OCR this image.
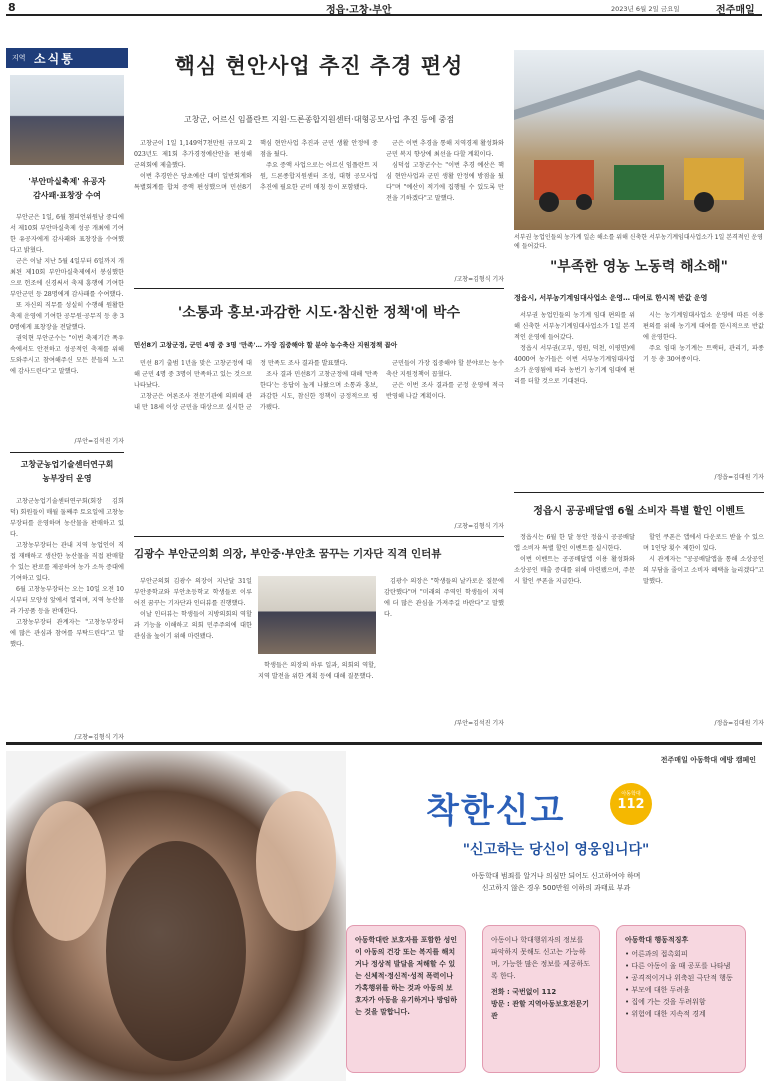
8	정읍·고창·부안	2023년 6월 2일 금요일	전주매일
지역 소식통
'부안마실축제' 유공자
감사패·표창장 수여

부안군은 1일, 6월 챔피언위원남 중디에서 제10회 부안마실축제 성공 개최에 기여한 유공자에게 감사패와 표창장을 수여했다고 밝혔다.

군은 이날 지난 5월 4일부터 6일까지 개최된 제10회 부안마실축제에서 봉심했한으로 헌조에 신경써서 축제 흥행에 기여한 부안군민 등 28명에게 감사패를 수여했다.

또 자신의 직무를 성실히 수행해 원활한 축제 운영에 기여한 공무원·공무직 등 총 30명에게 표창장을 전달했다.

권익현 부안군수는 "이번 축제기간 폭우 속에서도 안전하고 성공적인 축제를 위해 도와주시고 참여해주신 모든 분들의 노고에 감사드린다"고 말했다.

/부안=김석진 기자
고창군농업기술센터연구회
농부장터 운영

고창군농업기술센터연구회(회장 김희덕) 회원들이 매월 둘째주 토요일에 고창농부장터를 운영하며 농산물을 판매하고 있다.

고창농부장터는 관내 지역 농업인이 직접 재배하고 생산한 농산물을 직접 판매할 수 있는 판로를 제공하여 농가 소득 증대에 기여하고 있다.

6월 고창농부장터는 오는 10일 오전 10시부터 모양성 앞에서 열리며, 지역 농산물과 가공품 등을 판매한다.

고창농부장터 관계자는 "고창농부장터에 많은 관심과 참여를 부탁드린다"고 말했다.

/고창=김형식 기자
핵심 현안사업 추진 추경 편성
고창군, 어르신 임플란트 지원·드론종합지원센터·대형공모사업 추진 등에 중점

고창군이 1일 1,149억7천만원 규모의 2023년도 제1회 추가경정예산안을 편성해 군의회에 제출했다.

이번 추경안은 당초예산 대비 일반회계와 특별회계를 합쳐 증액 편성했으며 민선8기 핵심 현안사업 추진과 군민 생활 안정에 중점을 뒀다.

주요 증액 사업으로는 어르신 임플란트 지원, 드론종합지원센터 조성, 대형 공모사업 추진에 필요한 군비 매칭 등이 포함됐다.

군은 이번 추경을 통해 지역경제 활성화와 군민 복지 향상에 최선을 다할 계획이다.

심덕섭 고창군수는 "이번 추경 예산은 핵심 현안사업과 군민 생활 안정에 방점을 뒀다"며 "예산이 적기에 집행될 수 있도록 만전을 기하겠다"고 말했다.

/고창=김형식 기자
서부권 농업인들의 농가계 일손 해소를 위해 신축한 서부농기계임대사업소가 1일 본격적인 운영에 들어갔다.
"부족한 영농 노동력 해소해"
정읍시, 서부농기계임대사업소 운영… 대여로 한시적 반값 운영

서부권 농업인들의 농기계 임대 편의를 위해 신축한 서부농기계임대사업소가 1일 본격적인 운영에 들어갔다.

정읍시 서부권(고부, 영원, 덕천, 이평면)에 4000여 농가들은 이번 서부농기계임대사업소가 운영됨에 따라 농번기 농기계 임대에 편리를 더할 것으로 기대된다.

시는 농기계임대사업소 운영에 따른 이용 편의를 위해 농기계 대여를 한시적으로 반값에 운영한다.

주요 임대 농기계는 트랙터, 관리기, 파종기 등 총 30여종이다.

/정읍=김대원 기자
'소통과 홍보·과감한 시도·참신한 정책'에 박수
민선8기 고창군정, 군민 4명 중 3명 '만족'… 가장 집중해야 할 분야 농수축산 지원정책 꼽아

민선 8기 출범 1년을 맞은 고창군정에 대해 군민 4명 중 3명이 만족하고 있는 것으로 나타났다.

고창군은 여론조사 전문기관에 의뢰해 관내 만 18세 이상 군민을 대상으로 실시한 군정 만족도 조사 결과를 발표했다.

조사 결과 민선8기 고창군정에 대해 '만족한다'는 응답이 높게 나왔으며 소통과 홍보, 과감한 시도, 참신한 정책이 긍정적으로 평가됐다.

군민들이 가장 집중해야 할 분야로는 농수축산 지원정책이 꼽혔다.

군은 이번 조사 결과를 군정 운영에 적극 반영해 나갈 계획이다.

/고창=김형식 기자
김광수 부안군의회 의장, 부안중·부안초 꿈꾸는 기자단 직격 인터뷰

부안군의회 김광수 의장이 지난달 31일 부안중학교와 부안초등학교 학생들로 이루어진 꿈꾸는 기자단과 인터뷰를 진행했다.

이날 인터뷰는 학생들이 지방의회의 역할과 기능을 이해하고 의회 민주주의에 대한 관심을 높이기 위해 마련됐다.

학생들은 의장의 하루 일과, 의회의 역할, 지역 발전을 위한 계획 등에 대해 질문했다.

김광수 의장은 "학생들의 날카로운 질문에 감탄했다"며 "미래의 주역인 학생들이 지역에 더 많은 관심을 가져주길 바란다"고 말했다.

/부안=김석진 기자
정읍시 공공배달앱 6월 소비자 특별 할인 이벤트

정읍시는 6월 한 달 동안 정읍시 공공배달앱 소비자 특별 할인 이벤트를 실시한다.

이번 이벤트는 공공배달앱 이용 활성화와 소상공인 매출 증대를 위해 마련됐으며, 주문 시 할인 쿠폰을 지급한다.

할인 쿠폰은 앱에서 다운로드 받을 수 있으며 1인당 횟수 제한이 있다.

시 관계자는 "공공배달앱을 통해 소상공인의 부담을 줄이고 소비자 혜택을 늘리겠다"고 말했다.

/정읍=김대원 기자
전주매일 아동학대 예방 캠페인
착한신고	아동학대
112
"신고하는 당신이 영웅입니다"
아동학대 범죄를 알거나 의심만 되어도 신고하여야 하며
신고하지 않은 경우 500만원 이하의 과태료 부과
아동학대란 보호자를 포함한 성인이 아동의 건강 또는 복지를 해치거나 정상적 발달을 저해할 수 있는 신체적·정신적·성적 폭력이나 가혹행위를 하는 것과 아동의 보호자가 아동을 유기하거나 방임하는 것을 말합니다.
아동이나 학대행위자의 정보를 파악하지 못해도 신고는 가능하며, 가능한 많은 정보를 제공하도록 한다.
전화 : 국번없이 112
방문 : 관할 지역아동보호전문기관
아동학대 행동적징후
• 어른과의 접촉회피
• 다른 아동이 울 때 공포를 나타냄
• 공격적이거나 위축된 극단적 행동
• 부모에 대한 두려움
• 집에 가는 것을 두려워함
• 위험에 대한 지속적 경계
